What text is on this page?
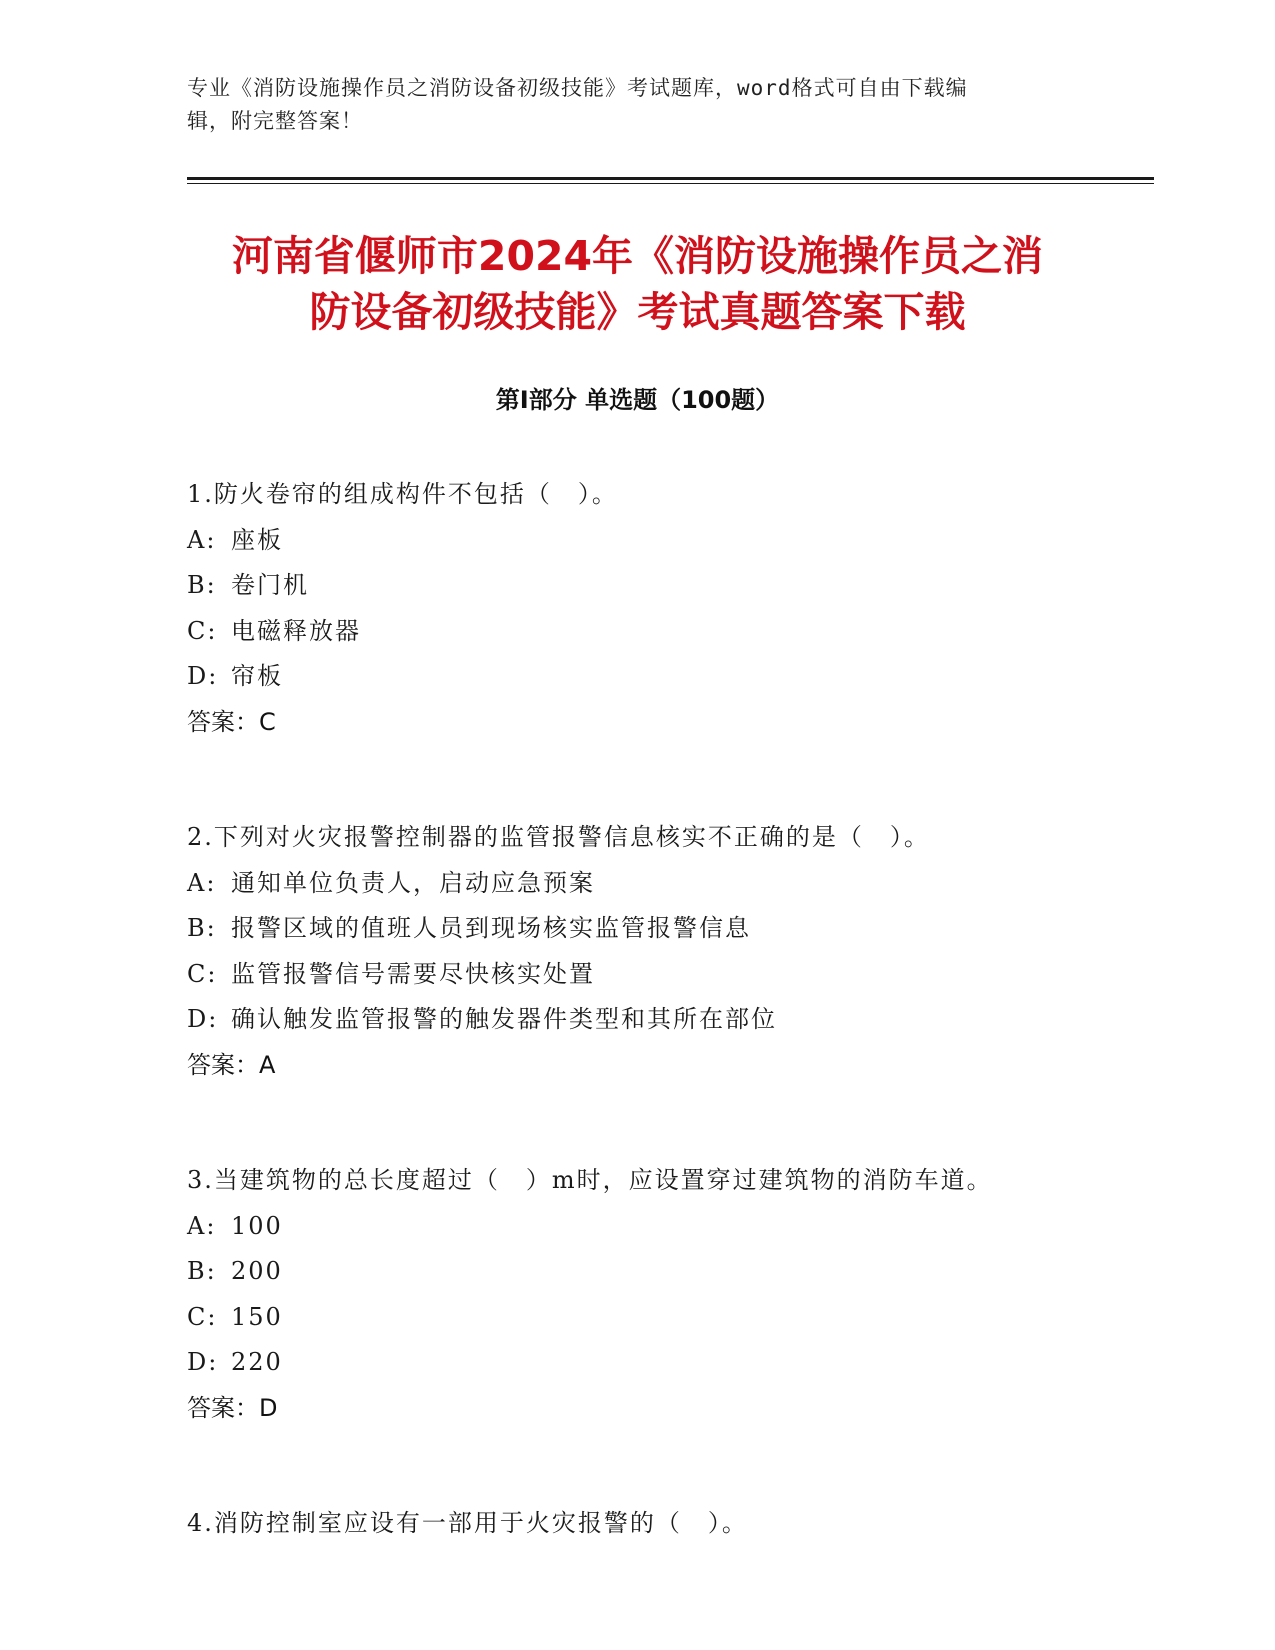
专业《消防设施操作员之消防设备初级技能》考试题库，word格式可自由下载编
辑，附完整答案！
河南省偃师市2024年《消防设施操作员之消
防设备初级技能》考试真题答案下载
第Ⅰ部分 单选题（100题）
1.防火卷帘的组成构件不包括（　）。
A: 座板
B: 卷门机
C: 电磁释放器
D: 帘板
答案：C
2.下列对火灾报警控制器的监管报警信息核实不正确的是（　）。
A: 通知单位负责人，启动应急预案
B: 报警区域的值班人员到现场核实监管报警信息
C: 监管报警信号需要尽快核实处置
D: 确认触发监管报警的触发器件类型和其所在部位
答案：A
3.当建筑物的总长度超过（　）m时，应设置穿过建筑物的消防车道。
A: 100
B: 200
C: 150
D: 220
答案：D
4.消防控制室应设有一部用于火灾报警的（　）。
